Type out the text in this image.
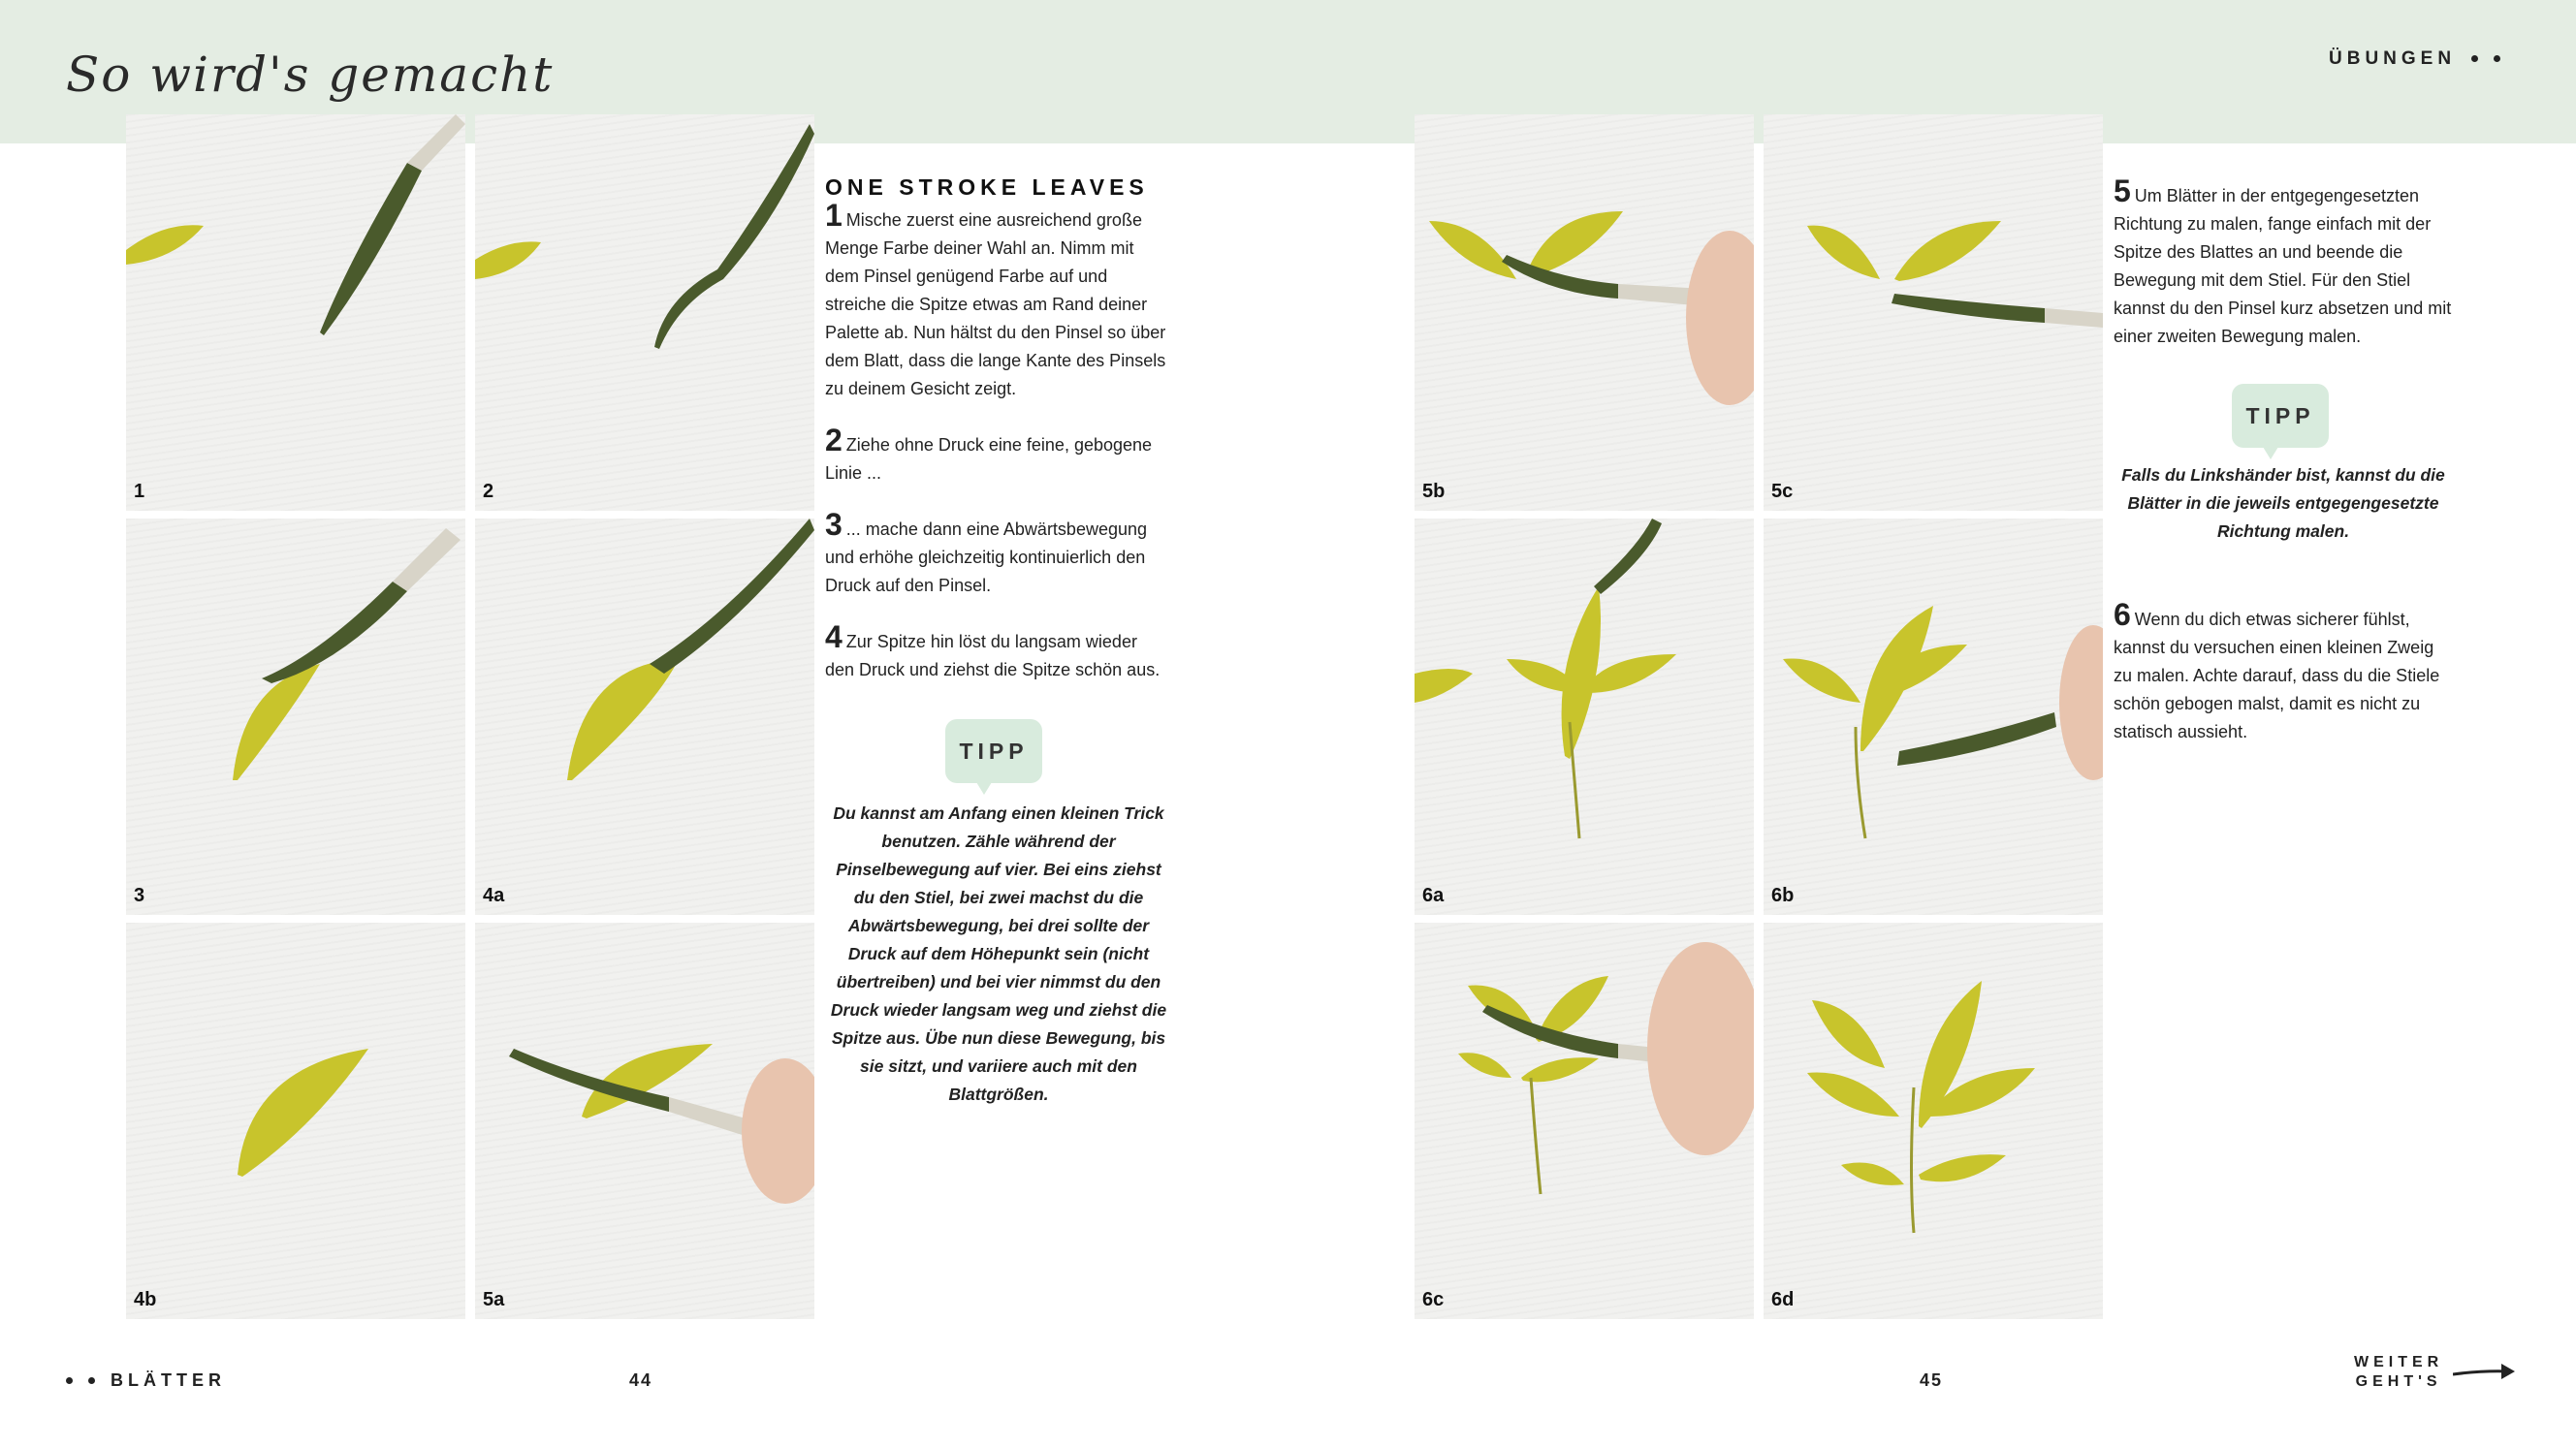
So wird's gemacht	ÜBUNGEN
1	2
3	4a
4b	5a
ONE STROKE LEAVES
1 Mische zuerst eine ausreichend große Menge Farbe deiner Wahl an. Nimm mit dem Pinsel genügend Farbe auf und streiche die Spitze etwas am Rand deiner Palette ab. Nun hältst du den Pinsel so über dem Blatt, dass die lange Kante des Pinsels zu deinem Gesicht zeigt.
2 Ziehe ohne Druck eine feine, gebogene Linie ...
3 ... mache dann eine Abwärtsbewegung und erhöhe gleichzeitig kontinuierlich den Druck auf den Pinsel.
4 Zur Spitze hin löst du langsam wieder den Druck und ziehst die Spitze schön aus.
TIPP
Du kannst am Anfang einen kleinen Trick benutzen. Zähle während der Pinselbewegung auf vier. Bei eins ziehst du den Stiel, bei zwei machst du die Abwärtsbewegung, bei drei sollte der Druck auf dem Höhepunkt sein (nicht übertreiben) und bei vier nimmst du den Druck wieder langsam weg und ziehst die Spitze aus. Übe nun diese Bewegung, bis sie sitzt, und variiere auch mit den Blattgrößen.
5b	5c
6a	6b
6c	6d
5 Um Blätter in der entgegengesetzten Richtung zu malen, fange einfach mit der Spitze des Blattes an und beende die Bewegung mit dem Stiel. Für den Stiel kannst du den Pinsel kurz absetzen und mit einer zweiten Bewegung malen.
TIPP
Falls du Linkshänder bist, kannst du die Blätter in die jeweils entgegengesetzte Richtung malen.
6 Wenn du dich etwas sicherer fühlst, kannst du versuchen einen kleinen Zweig zu malen. Achte darauf, dass du die Stiele schön gebogen malst, damit es nicht zu statisch aussieht.
BLÄTTER	44	45
WEITER
GEHT'S
